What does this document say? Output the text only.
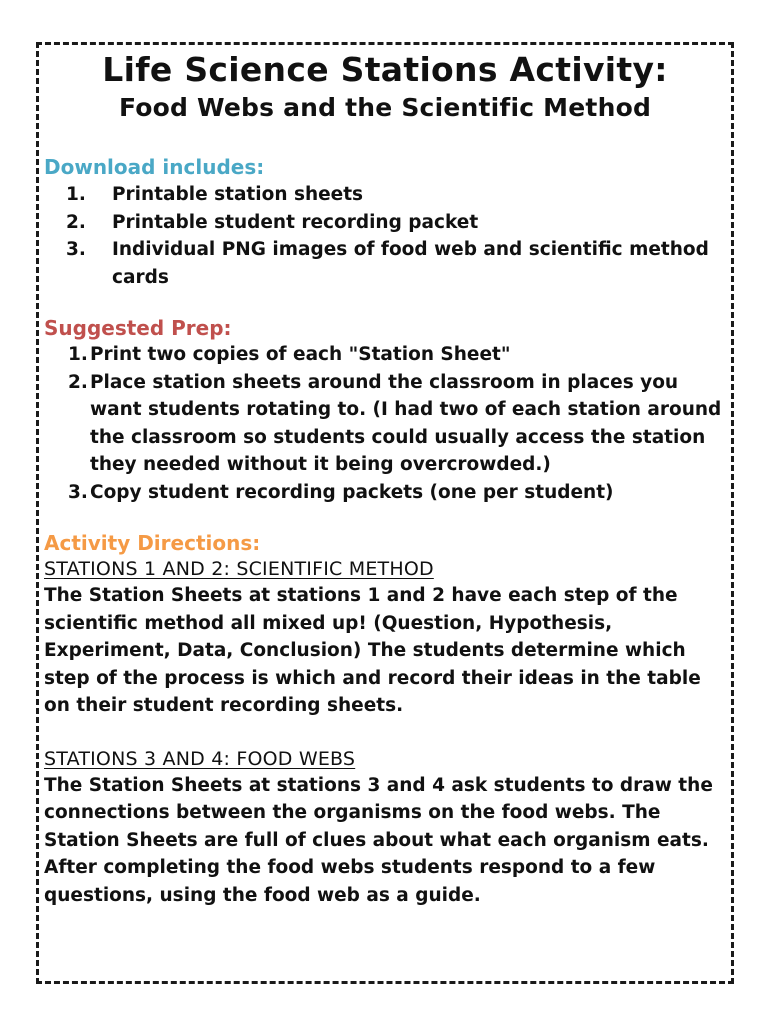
Life Science Stations Activity:
Food Webs and the Scientific Method
Download includes:
1.	Printable station sheets
2.	Printable student recording packet
3.	Individual PNG images of food web and scientific method cards
Suggested Prep:
1. Print two copies of each "Station Sheet"
2. Place station sheets around the classroom in places you want students rotating to. (I had two of each station around the classroom so students could usually access the station they needed without it being overcrowded.)
3. Copy student recording packets (one per student)
Activity Directions:
STATIONS 1 AND 2: SCIENTIFIC METHOD
The Station Sheets at stations 1 and 2 have each step of the scientific method all mixed up! (Question, Hypothesis, Experiment, Data, Conclusion) The students determine which step of the process is which and record their ideas in the table on their student recording sheets.
STATIONS 3 AND 4: FOOD WEBS
The Station Sheets at stations 3 and 4 ask students to draw the connections between the organisms on the food webs. The Station Sheets are full of clues about what each organism eats. After completing the food webs students respond to a few questions, using the food web as a guide.
